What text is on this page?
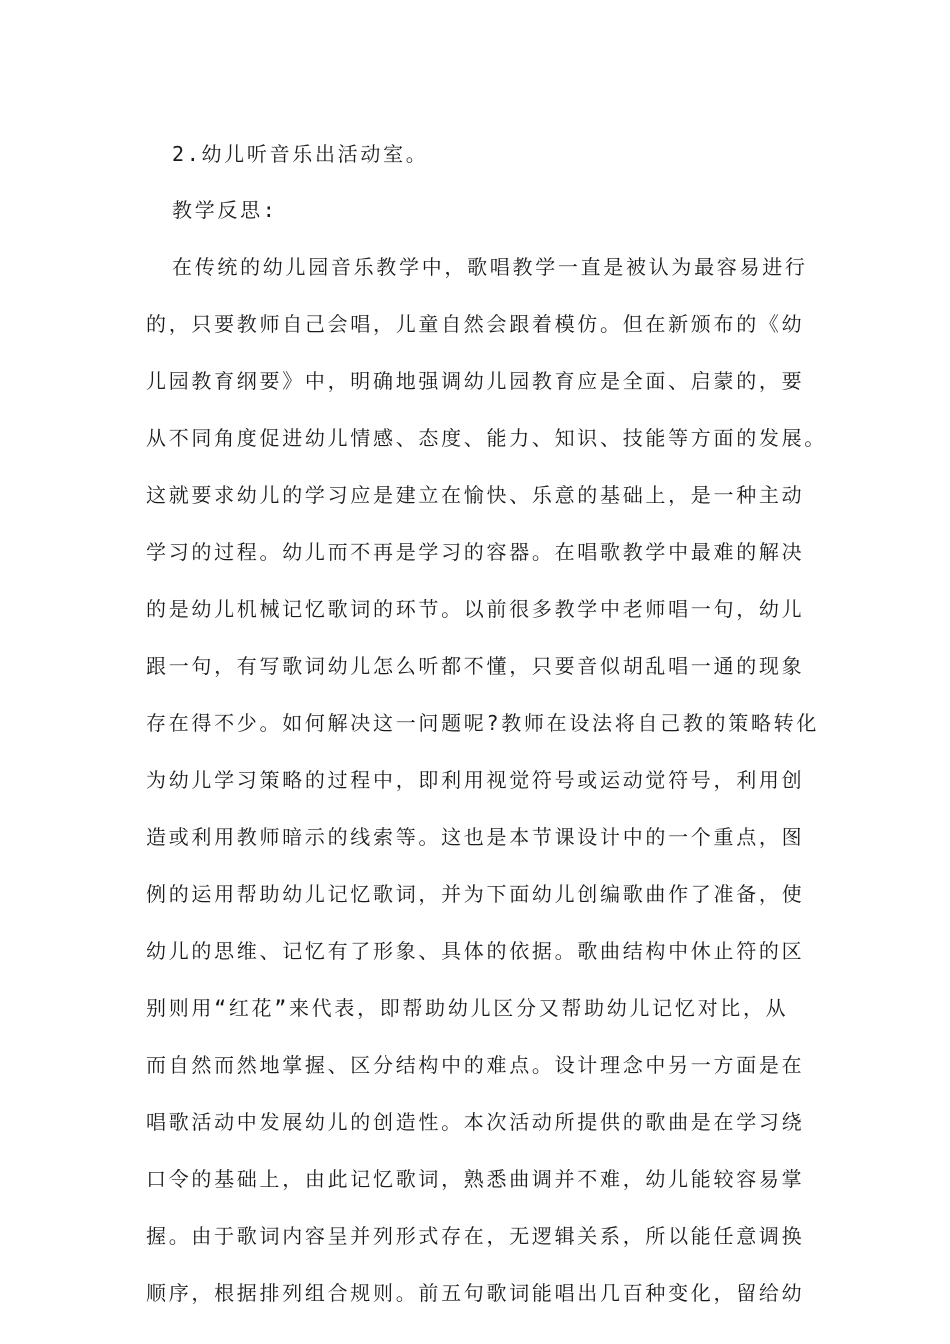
2.幼儿听音乐出活动室。
教学反思:
在传统的幼儿园音乐教学中，歌唱教学一直是被认为最容易进行
的，只要教师自己会唱，儿童自然会跟着模仿。但在新颁布的《幼
儿园教育纲要》中，明确地强调幼儿园教育应是全面、启蒙的，要
从不同角度促进幼儿情感、态度、能力、知识、技能等方面的发展。
这就要求幼儿的学习应是建立在愉快、乐意的基础上，是一种主动
学习的过程。幼儿而不再是学习的容器。在唱歌教学中最难的解决
的是幼儿机械记忆歌词的环节。以前很多教学中老师唱一句，幼儿
跟一句，有写歌词幼儿怎么听都不懂，只要音似胡乱唱一通的现象
存在得不少。如何解决这一问题呢?教师在设法将自己教的策略转化
为幼儿学习策略的过程中，即利用视觉符号或运动觉符号，利用创
造或利用教师暗示的线索等。这也是本节课设计中的一个重点，图
例的运用帮助幼儿记忆歌词，并为下面幼儿创编歌曲作了准备，使
幼儿的思维、记忆有了形象、具体的依据。歌曲结构中休止符的区
别则用“红花”来代表，即帮助幼儿区分又帮助幼儿记忆对比，从
而自然而然地掌握、区分结构中的难点。设计理念中另一方面是在
唱歌活动中发展幼儿的创造性。本次活动所提供的歌曲是在学习绕
口令的基础上，由此记忆歌词，熟悉曲调并不难，幼儿能较容易掌
握。由于歌词内容呈并列形式存在，无逻辑关系，所以能任意调换
顺序，根据排列组合规则。前五句歌词能唱出几百种变化，留给幼
